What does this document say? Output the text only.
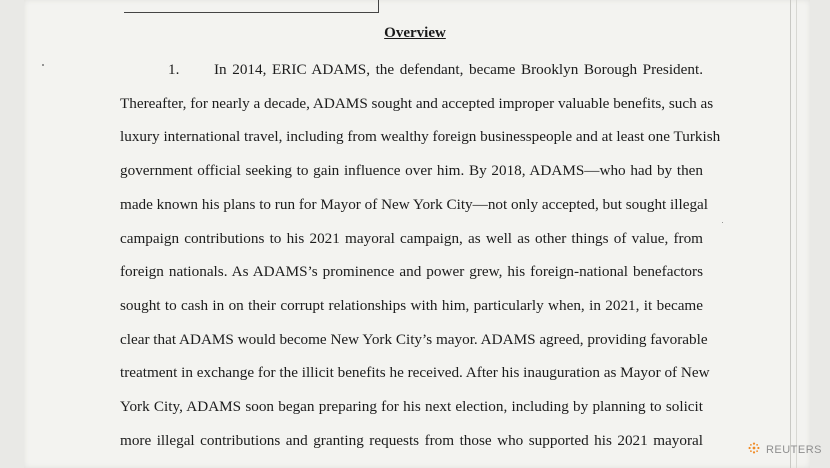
Overview
1. In 2014, ERIC ADAMS, the defendant, became Brooklyn Borough President.
Thereafter, for nearly a decade, ADAMS sought and accepted improper valuable benefits, such as
luxury international travel, including from wealthy foreign businesspeople and at least one Turkish
government official seeking to gain influence over him. By 2018, ADAMS—who had by then
made known his plans to run for Mayor of New York City—not only accepted, but sought illegal
campaign contributions to his 2021 mayoral campaign, as well as other things of value, from
foreign nationals. As ADAMS’s prominence and power grew, his foreign-national benefactors
sought to cash in on their corrupt relationships with him, particularly when, in 2021, it became
clear that ADAMS would become New York City’s mayor. ADAMS agreed, providing favorable
treatment in exchange for the illicit benefits he received. After his inauguration as Mayor of New
York City, ADAMS soon began preparing for his next election, including by planning to solicit
more illegal contributions and granting requests from those who supported his 2021 mayoral
REUTERS
